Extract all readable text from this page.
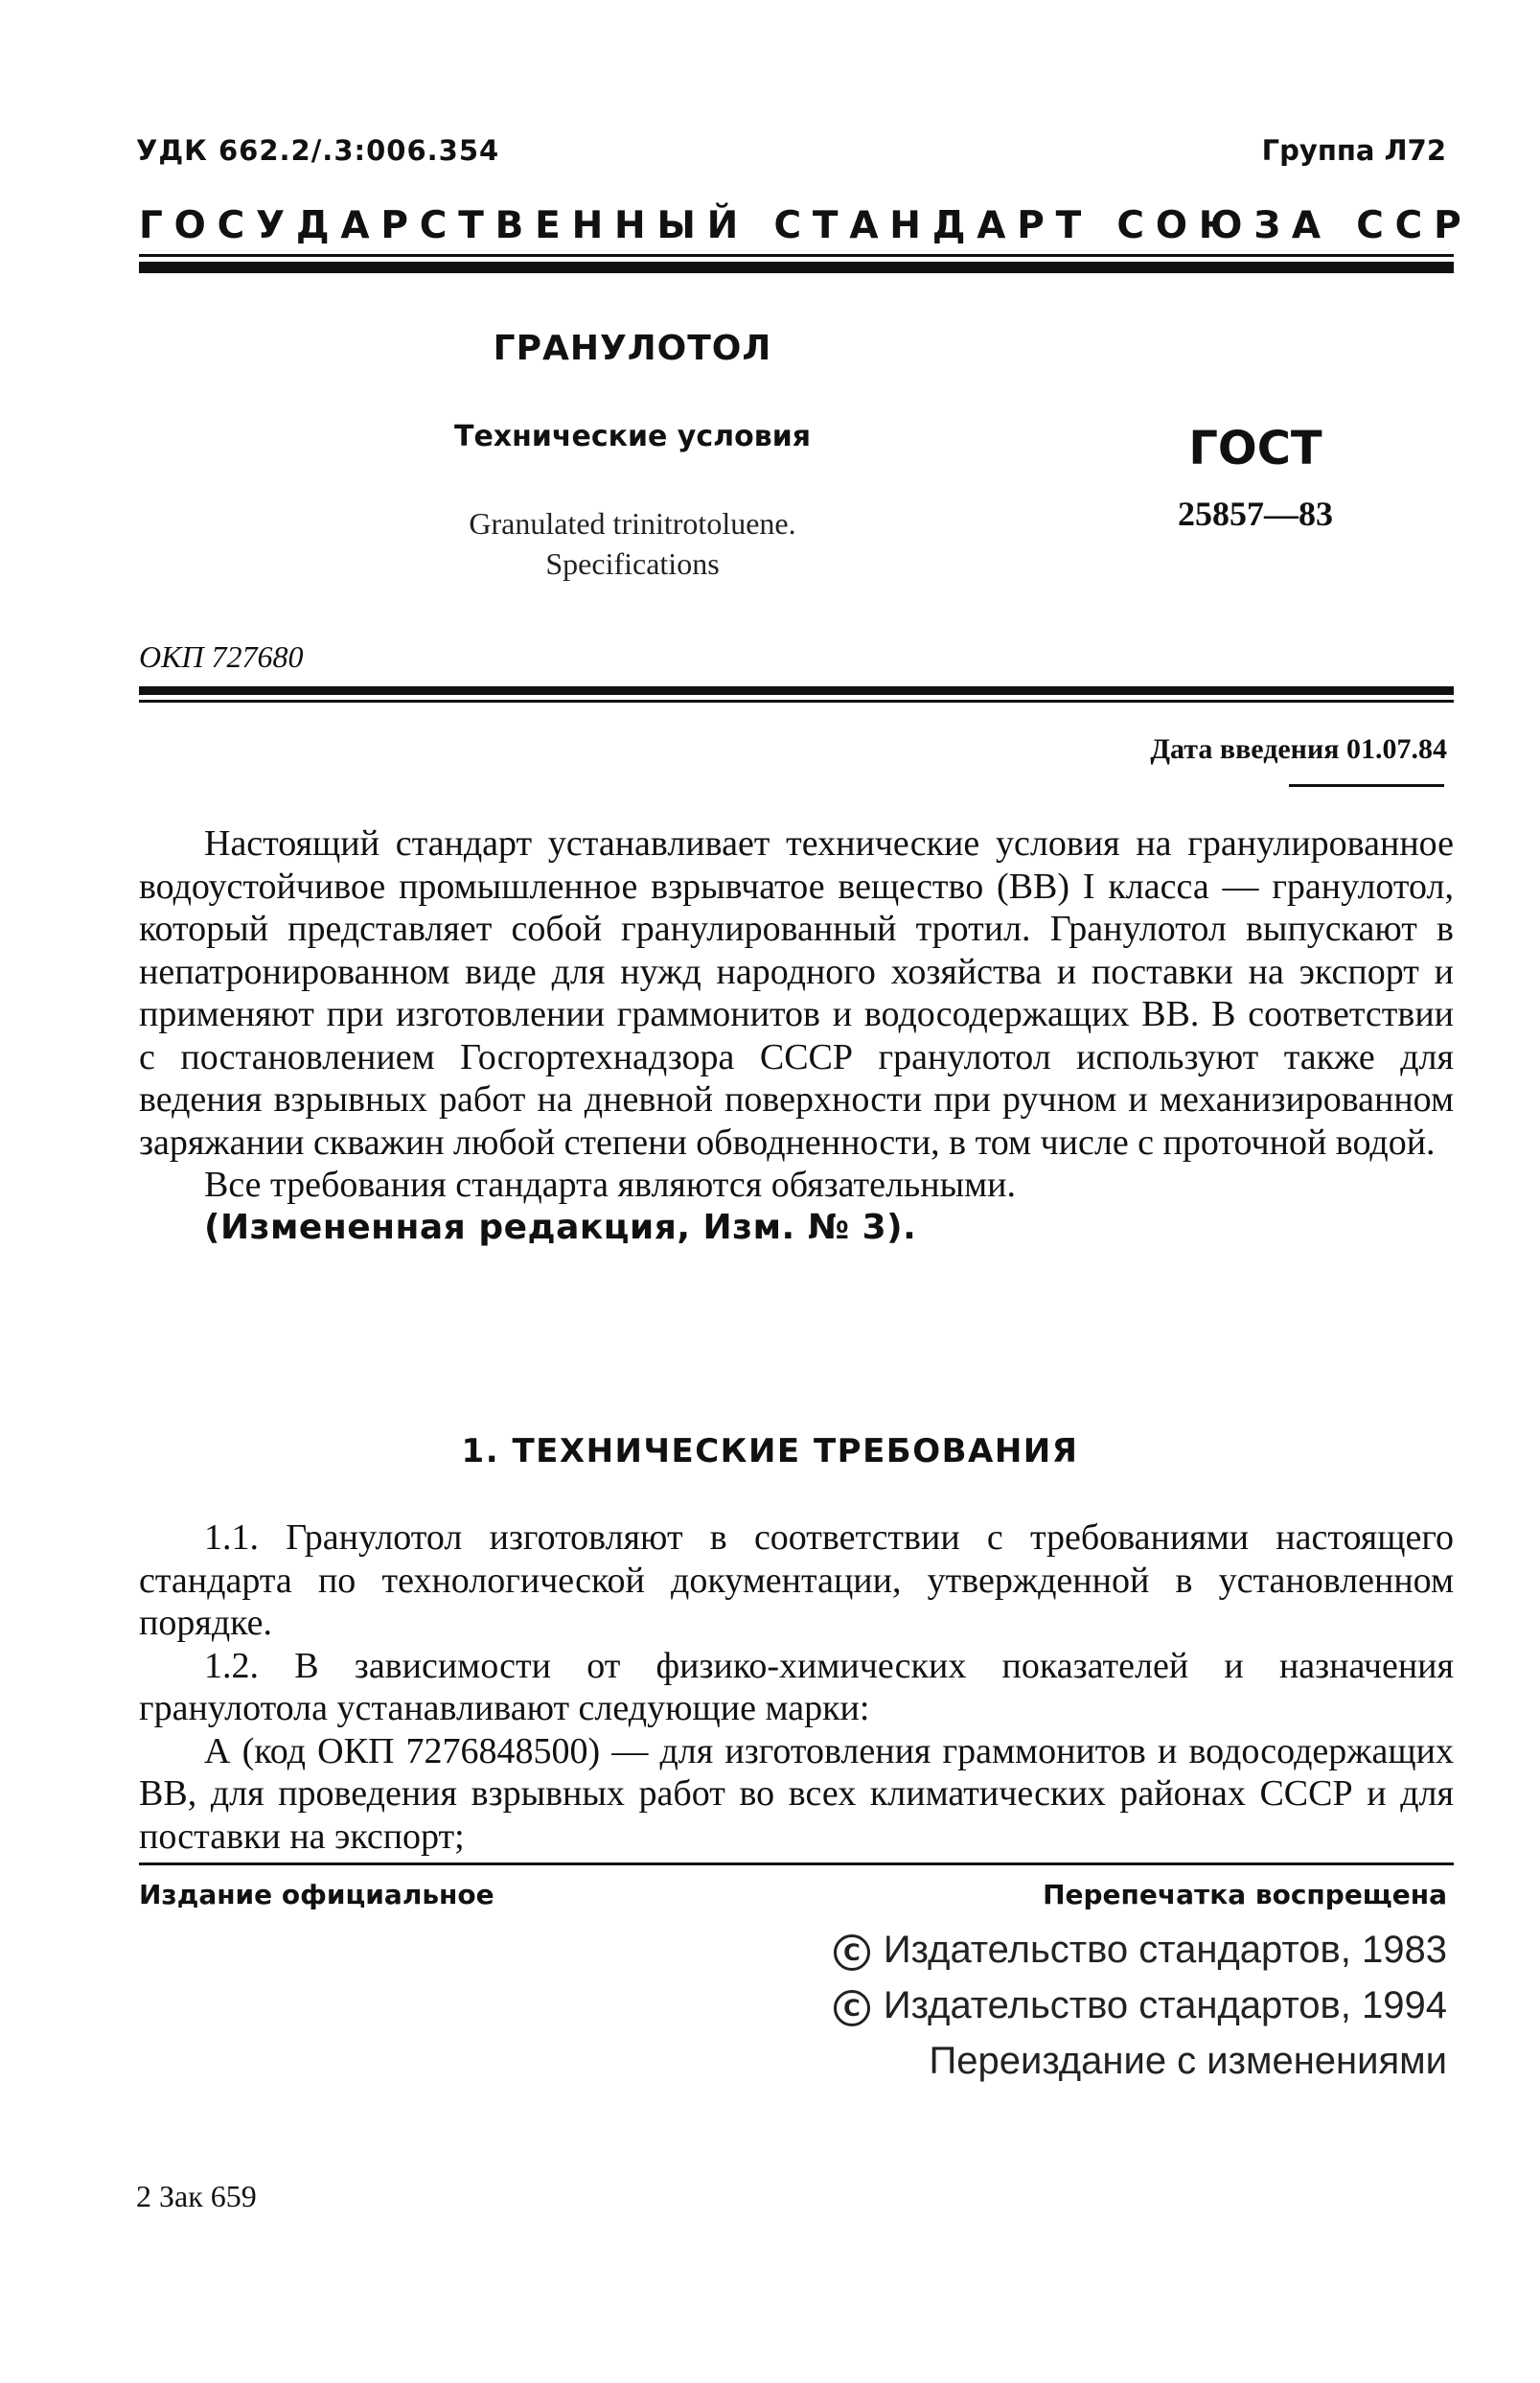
УДК 662.2/.3:006.354	Группа Л72
ГОСУДАРСТВЕННЫЙ СТАНДАРТ СОЮЗА ССР
ГРАНУЛОТОЛ
Технические условия
Granulated trinitrotoluene.
Specifications
ГОСТ
25857—83
ОКП 727680
Дата введения 01.07.84

Настоящий стандарт устанавливает технические условия на гранулированное водоустойчивое промышленное взрывчатое вещество (ВВ) I класса — гранулотол, который представляет собой гранулированный тротил. Гранулотол выпускают в непатронированном виде для нужд народного хозяйства и поставки на экспорт и применяют при изготовлении граммонитов и водосодержащих ВВ. В соответствии с постановлением Госгортехнадзора СССР гранулотол используют также для ведения взрывных работ на дневной поверхности при ручном и механизированном заряжании скважин любой степени обводненности, в том числе с проточной водой.

Все требования стандарта являются обязательными.

(Измененная редакция, Изм. № 3).

1. ТЕХНИЧЕСКИЕ ТРЕБОВАНИЯ

1.1. Гранулотол изготовляют в соответствии с требованиями настоящего стандарта по технологической документации, утвержденной в установленном порядке.

1.2. В зависимости от физико-химических показателей и назначения гранулотола устанавливают следующие марки:

А (код ОКП 7276848500) — для изготовления граммонитов и водосодержащих ВВ, для проведения взрывных работ во всех климатических районах СССР и для поставки на экспорт;

Издание официальное	Перепечатка воспрещена
С Издательство стандартов, 1983
С Издательство стандартов, 1994
Переиздание с изменениями
2 Зак 659
